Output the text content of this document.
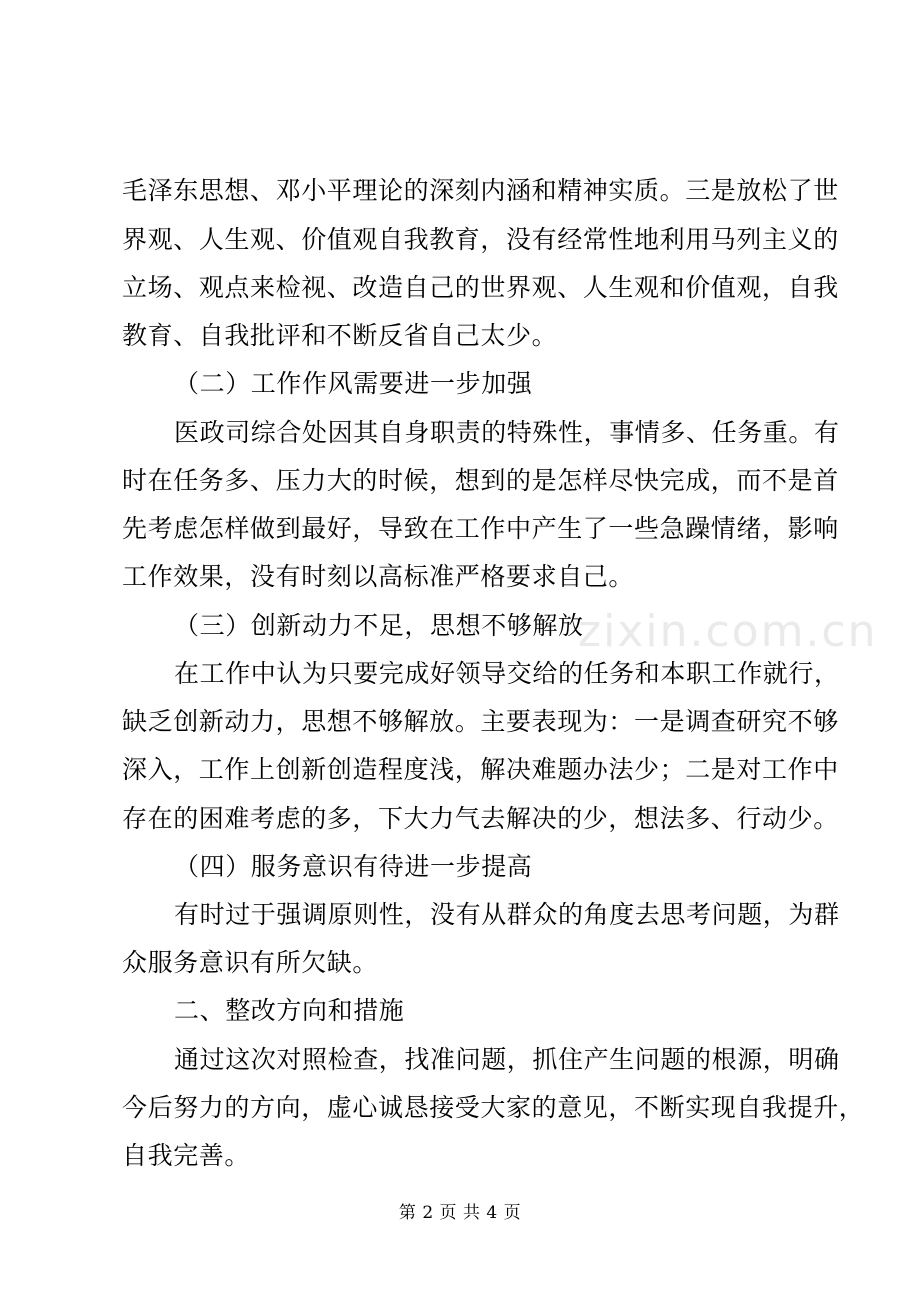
毛泽东思想、邓小平理论的深刻内涵和精神实质。三是放松了世
界观、人生观、价值观自我教育，没有经常性地利用马列主义的
立场、观点来检视、改造自己的世界观、人生观和价值观，自我
教育、自我批评和不断反省自己太少。
（二）工作作风需要进一步加强
医政司综合处因其自身职责的特殊性，事情多、任务重。有
时在任务多、压力大的时候，想到的是怎样尽快完成，而不是首
先考虑怎样做到最好，导致在工作中产生了一些急躁情绪，影响
工作效果，没有时刻以高标准严格要求自己。
（三）创新动力不足，思想不够解放
在工作中认为只要完成好领导交给的任务和本职工作就行，
缺乏创新动力，思想不够解放。主要表现为：一是调查研究不够
深入，工作上创新创造程度浅，解决难题办法少；二是对工作中
存在的困难考虑的多，下大力气去解决的少，想法多、行动少。
（四）服务意识有待进一步提高
有时过于强调原则性，没有从群众的角度去思考问题，为群
众服务意识有所欠缺。
二、整改方向和措施
通过这次对照检查，找准问题，抓住产生问题的根源，明确
今后努力的方向，虚心诚恳接受大家的意见，不断实现自我提升，
自我完善。
zixin.com.cn
第 2 页 共 4 页
